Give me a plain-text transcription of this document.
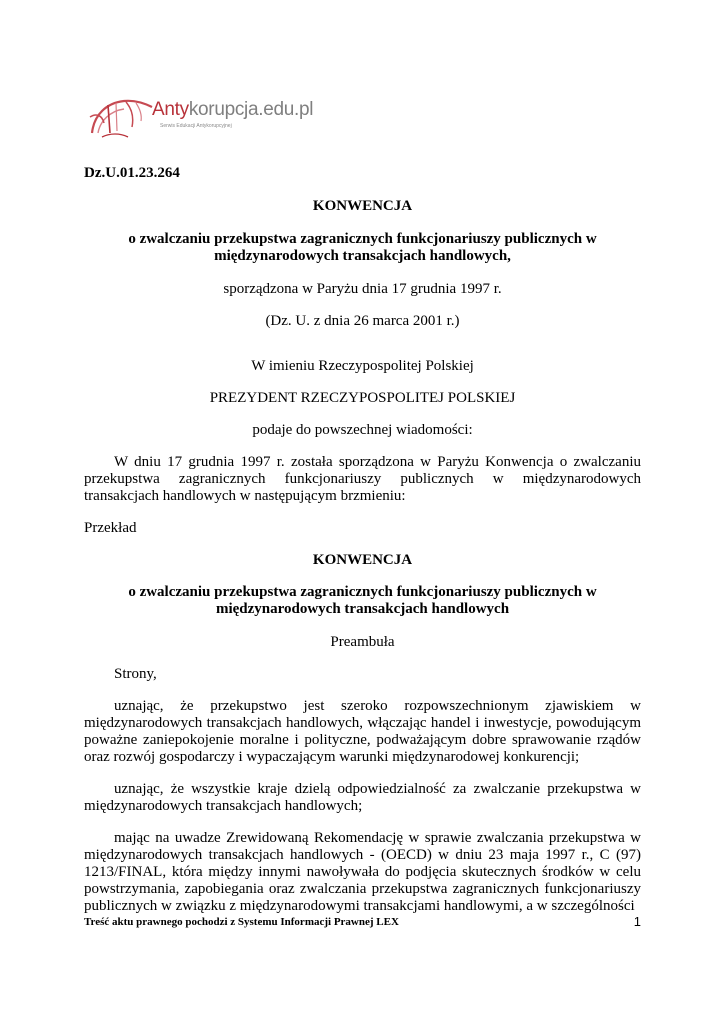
Antykorupcja.edu.pl
Serwis Edukacji Antykorupcyjnej

Dz.U.01.23.264

KONWENCJA

o zwalczaniu przekupstwa zagranicznych funkcjonariuszy publicznych w międzynarodowych transakcjach handlowych,

sporządzona w Paryżu dnia 17 grudnia 1997 r.

(Dz. U. z dnia 26 marca 2001 r.)

W imieniu Rzeczypospolitej Polskiej

PREZYDENT RZECZYPOSPOLITEJ POLSKIEJ

podaje do powszechnej wiadomości:

W dniu 17 grudnia 1997 r. została sporządzona w Paryżu Konwencja o zwalczaniu przekupstwa zagranicznych funkcjonariuszy publicznych w międzynarodowych transakcjach handlowych w następującym brzmieniu:

Przekład

KONWENCJA

o zwalczaniu przekupstwa zagranicznych funkcjonariuszy publicznych w międzynarodowych transakcjach handlowych

Preambuła

Strony,

uznając, że przekupstwo jest szeroko rozpowszechnionym zjawiskiem w międzynarodowych transakcjach handlowych, włączając handel i inwestycje, powodującym poważne zaniepokojenie moralne i polityczne, podważającym dobre sprawowanie rządów oraz rozwój gospodarczy i wypaczającym warunki międzynarodowej konkurencji;

uznając, że wszystkie kraje dzielą odpowiedzialność za zwalczanie przekupstwa w międzynarodowych transakcjach handlowych;

mając na uwadze Zrewidowaną Rekomendację w sprawie zwalczania przekupstwa w międzynarodowych transakcjach handlowych - (OECD) w dniu 23 maja 1997 r., C (97) 1213/FINAL, która między innymi nawoływała do podjęcia skutecznych środków w celu powstrzymania, zapobiegania oraz zwalczania przekupstwa zagranicznych funkcjonariuszy publicznych w związku z międzynarodowymi transakcjami handlowymi, a w szczególności

Treść aktu prawnego pochodzi z Systemu Informacji Prawnej LEX	1
